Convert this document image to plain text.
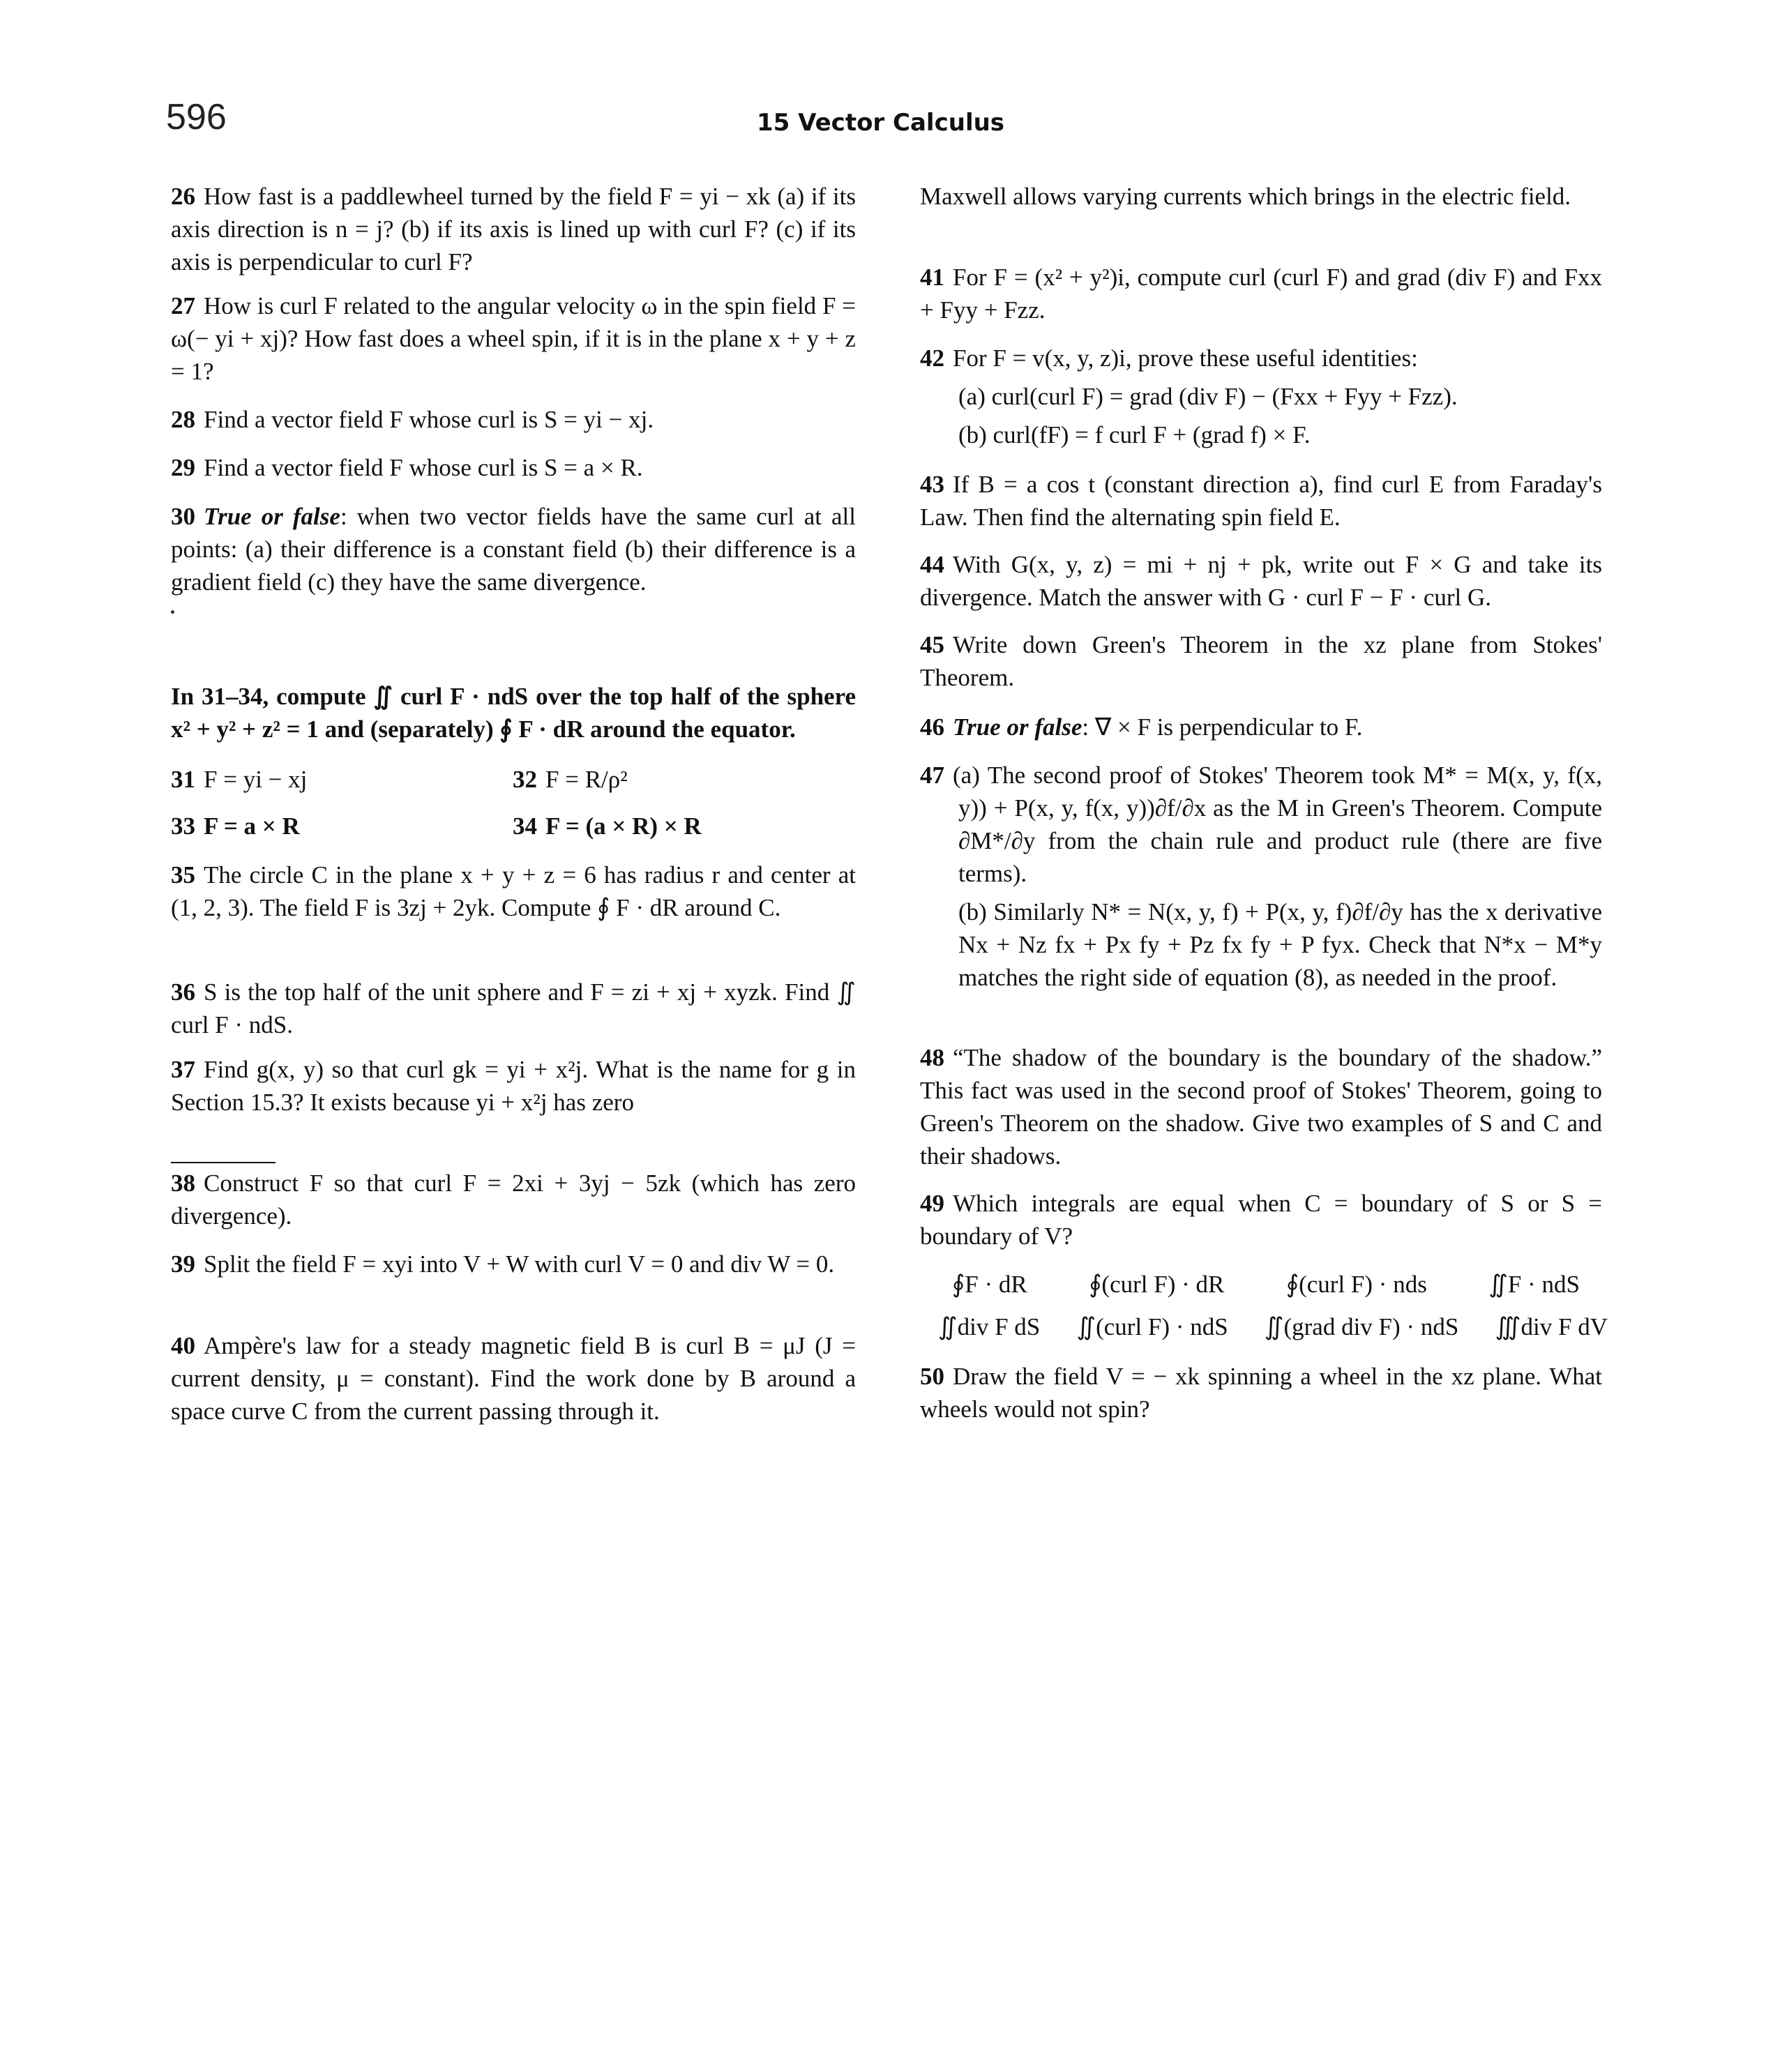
596	15 Vector Calculus
26 How fast is a paddlewheel turned by the field F = yi − xk (a) if its axis direction is n = j? (b) if its axis is lined up with curl F? (c) if its axis is perpendicular to curl F?
27 How is curl F related to the angular velocity ω in the spin field F = ω(− yi + xj)? How fast does a wheel spin, if it is in the plane x + y + z = 1?
28 Find a vector field F whose curl is S = yi − xj.
29 Find a vector field F whose curl is S = a × R.
30 True or false: when two vector fields have the same curl at all points: (a) their difference is a constant field (b) their difference is a gradient field (c) they have the same divergence.
In 31–34, compute ∬ curl F · ndS over the top half of the sphere x² + y² + z² = 1 and (separately) ∮ F · dR around the equator.
31 F = yi − xj	32 F = R/ρ²
33 F = a × R	34 F = (a × R) × R
35 The circle C in the plane x + y + z = 6 has radius r and center at (1, 2, 3). The field F is 3zj + 2yk. Compute ∮ F · dR around C.
36 S is the top half of the unit sphere and F = zi + xj + xyzk. Find ∬ curl F · ndS.
37 Find g(x, y) so that curl gk = yi + x²j. What is the name for g in Section 15.3? It exists because yi + x²j has zero
38 Construct F so that curl F = 2xi + 3yj − 5zk (which has zero divergence).
39 Split the field F = xyi into V + W with curl V = 0 and div W = 0.
40 Ampère's law for a steady magnetic field B is curl B = μJ (J = current density, μ = constant). Find the work done by B around a space curve C from the current passing through it.
Maxwell allows varying currents which brings in the electric field.
41 For F = (x² + y²)i, compute curl (curl F) and grad (div F) and Fxx + Fyy + Fzz.
42 For F = v(x, y, z)i, prove these useful identities:
(a) curl(curl F) = grad (div F) − (Fxx + Fyy + Fzz).
(b) curl(fF) = f curl F + (grad f) × F.
43 If B = a cos t (constant direction a), find curl E from Faraday's Law. Then find the alternating spin field E.
44 With G(x, y, z) = mi + nj + pk, write out F × G and take its divergence. Match the answer with G · curl F − F · curl G.
45 Write down Green's Theorem in the xz plane from Stokes' Theorem.
46 True or false: ∇ × F is perpendicular to F.
47 (a) The second proof of Stokes' Theorem took M* = M(x, y, f(x, y)) + P(x, y, f(x, y))∂f/∂x as the M in Green's Theorem. Compute ∂M*/∂y from the chain rule and product rule (there are five terms).
(b) Similarly N* = N(x, y, f) + P(x, y, f)∂f/∂y has the x derivative Nx + Nz fx + Px fy + Pz fx fy + P fyx. Check that N*x − M*y matches the right side of equation (8), as needed in the proof.
48 “The shadow of the boundary is the boundary of the shadow.” This fact was used in the second proof of Stokes' Theorem, going to Green's Theorem on the shadow. Give two examples of S and C and their shadows.
49 Which integrals are equal when C = boundary of S or S = boundary of V?
∮F · dR	∮(curl F) · dR	∮(curl F) · nds	∬F · ndS
∬div F dS ∬(curl F) · ndS ∬(grad div F) · ndS ∭div F dV
50 Draw the field V = − xk spinning a wheel in the xz plane. What wheels would not spin?
